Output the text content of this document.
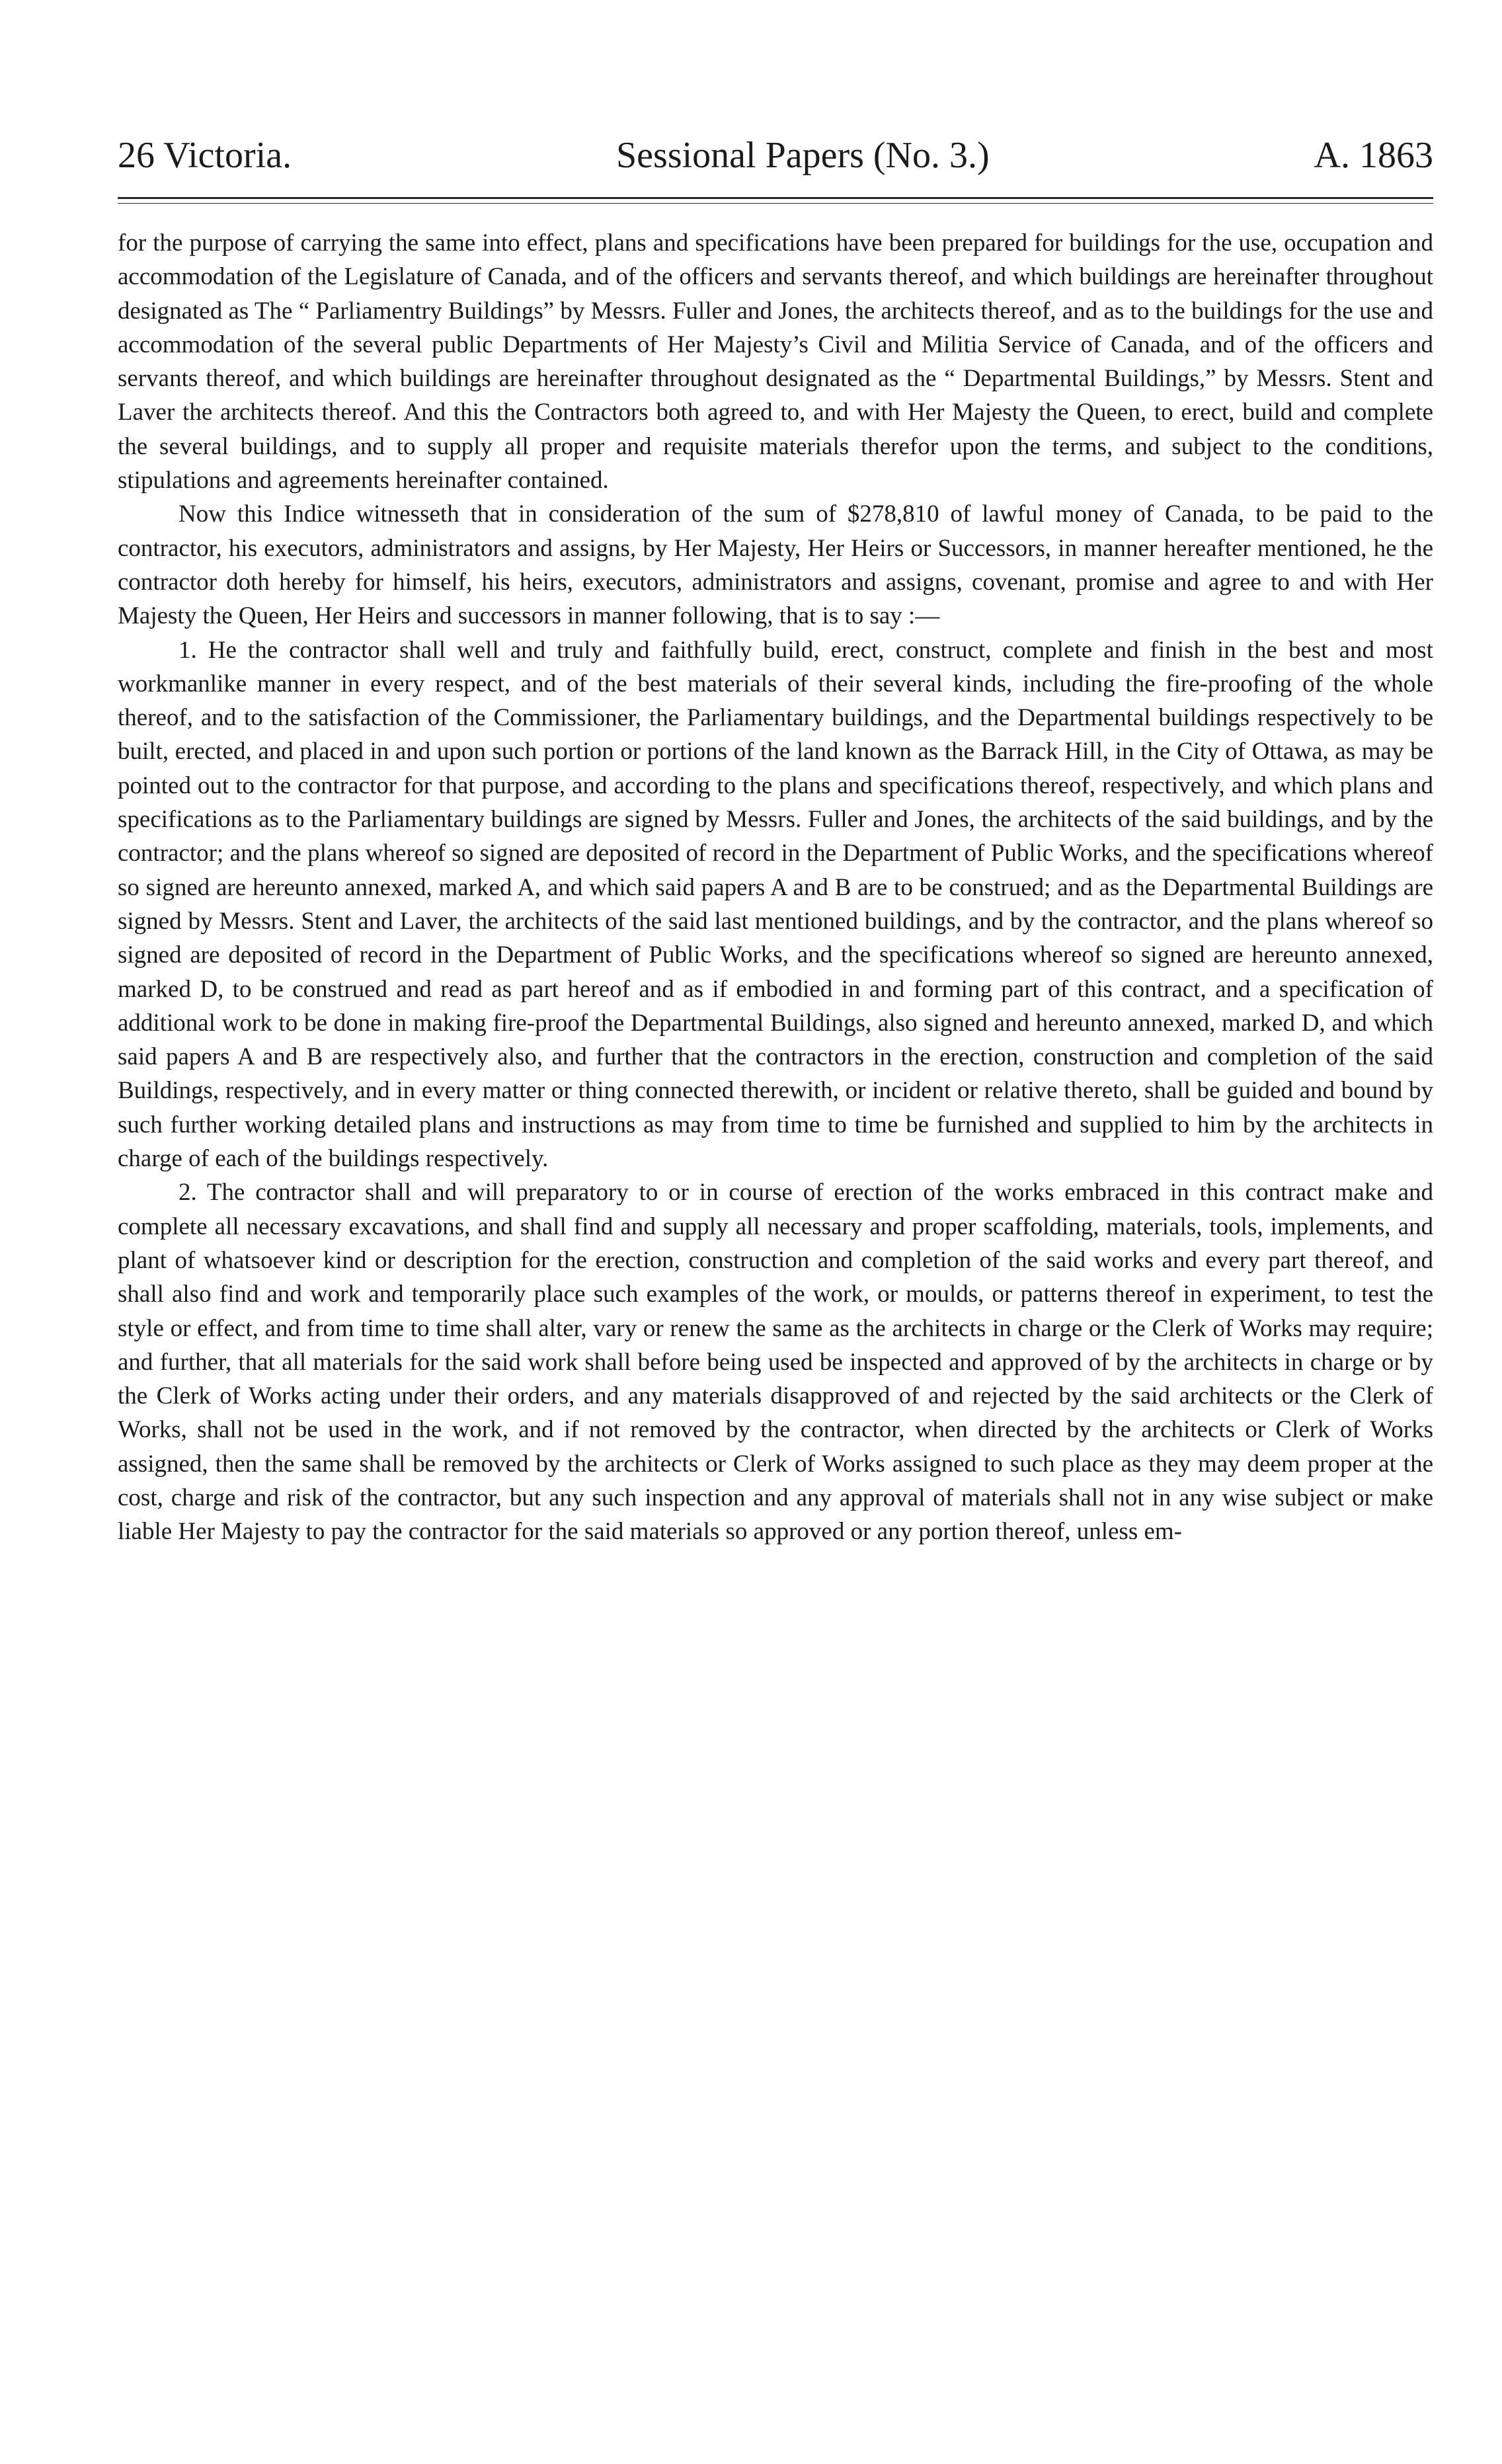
26 Victoria.	Sessional Papers (No. 3.)	A. 1863

for the purpose of carrying the same into effect, plans and specifications have been prepared for buildings for the use, occupation and accommodation of the Legislature of Canada, and of the officers and servants thereof, and which buildings are hereinafter throughout designated as The “ Parliamentry Buildings” by Messrs. Fuller and Jones, the architects thereof, and as to the buildings for the use and accommodation of the several public Departments of Her Majesty’s Civil and Militia Service of Canada, and of the officers and servants thereof, and which buildings are hereinafter throughout designated as the “ Departmental Buildings,” by Messrs. Stent and Laver the architects thereof. And this the Contractors both agreed to, and with Her Majesty the Queen, to erect, build and complete the several buildings, and to supply all proper and requisite materials therefor upon the terms, and subject to the conditions, stipulations and agreements hereinafter contained.

Now this Indice witnesseth that in consideration of the sum of $278,810 of lawful money of Canada, to be paid to the contractor, his executors, administrators and assigns, by Her Majesty, Her Heirs or Successors, in manner hereafter mentioned, he the contractor doth hereby for himself, his heirs, executors, administrators and assigns, covenant, promise and agree to and with Her Majesty the Queen, Her Heirs and successors in manner following, that is to say :—

1. He the contractor shall well and truly and faithfully build, erect, construct, complete and finish in the best and most workmanlike manner in every respect, and of the best materials of their several kinds, including the fire-proofing of the whole thereof, and to the satisfaction of the Commissioner, the Parliamentary buildings, and the Departmental buildings respectively to be built, erected, and placed in and upon such portion or portions of the land known as the Barrack Hill, in the City of Ottawa, as may be pointed out to the contractor for that purpose, and according to the plans and specifications thereof, respectively, and which plans and specifications as to the Parliamentary buildings are signed by Messrs. Fuller and Jones, the architects of the said buildings, and by the contractor; and the plans whereof so signed are deposited of record in the Department of Public Works, and the specifications whereof so signed are hereunto annexed, marked A, and which said papers A and B are to be construed; and as the Departmental Buildings are signed by Messrs. Stent and Laver, the architects of the said last mentioned buildings, and by the contractor, and the plans whereof so signed are deposited of record in the Department of Public Works, and the specifications whereof so signed are hereunto annexed, marked D, to be construed and read as part hereof and as if embodied in and forming part of this contract, and a specification of additional work to be done in making fire-proof the Departmental Buildings, also signed and hereunto annexed, marked D, and which said papers A and B are respectively also, and further that the contractors in the erection, construction and completion of the said Buildings, respectively, and in every matter or thing connected therewith, or incident or relative thereto, shall be guided and bound by such further working detailed plans and instructions as may from time to time be furnished and supplied to him by the architects in charge of each of the buildings respectively.

2. The contractor shall and will preparatory to or in course of erection of the works embraced in this contract make and complete all necessary excavations, and shall find and supply all necessary and proper scaffolding, materials, tools, implements, and plant of whatsoever kind or description for the erection, construction and completion of the said works and every part thereof, and shall also find and work and temporarily place such examples of the work, or moulds, or patterns thereof in experiment, to test the style or effect, and from time to time shall alter, vary or renew the same as the architects in charge or the Clerk of Works may require; and further, that all materials for the said work shall before being used be inspected and approved of by the architects in charge or by the Clerk of Works acting under their orders, and any materials disapproved of and rejected by the said architects or the Clerk of Works, shall not be used in the work, and if not removed by the contractor, when directed by the architects or Clerk of Works assigned, then the same shall be removed by the architects or Clerk of Works assigned to such place as they may deem proper at the cost, charge and risk of the contractor, but any such inspection and any approval of materials shall not in any wise subject or make liable Her Majesty to pay the contractor for the said materials so approved or any portion thereof, unless em-
